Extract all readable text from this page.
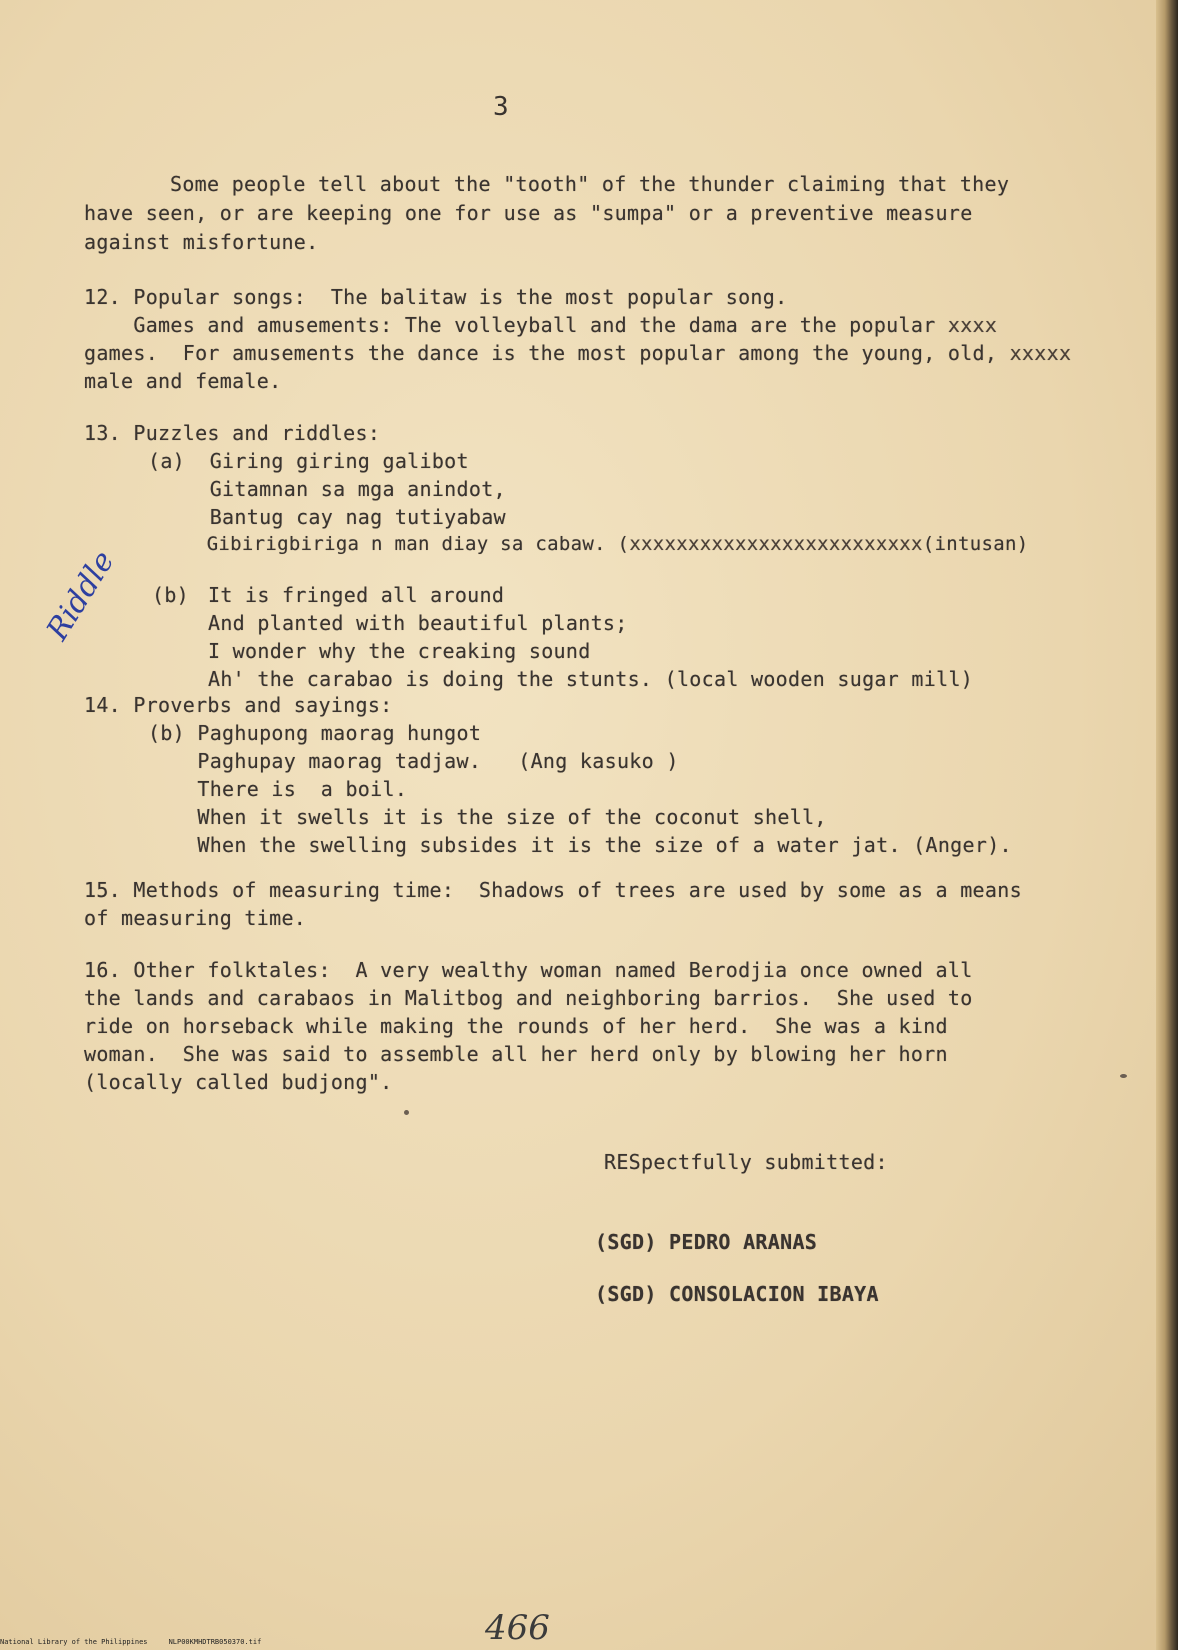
3
Some people tell about the "tooth" of the thunder claiming that they
have seen, or are keeping one for use as "sumpa" or a preventive measure
against misfortune.
12. Popular songs:  The balitaw is the most popular song.
Games and amusements: The volleyball and the dama are the popular xxxx
games.  For amusements the dance is the most popular among the young, old, xxxxx
male and female.
13. Puzzles and riddles:
(a)  Giring giring galibot
Gitamnan sa mga anindot,
Bantug cay nag tutiyabaw
Gibirigbiriga n man diay sa cabaw. (xxxxxxxxxxxxxxxxxxxxxxxxx(intusan)
(b) It is fringed all around
And planted with beautiful plants;
I wonder why the creaking sound
Ah' the carabao is doing the stunts. (local wooden sugar mill)
Riddle
14. Proverbs and sayings:
(b) Paghupong maorag hungot
Paghupay maorag tadjaw.   (Ang kasuko )
There is  a boil.
When it swells it is the size of the coconut shell,
When the swelling subsides it is the size of a water jat. (Anger).
15. Methods of measuring time:  Shadows of trees are used by some as a means
of measuring time.
16. Other folktales:  A very wealthy woman named Berodjia once owned all
the lands and carabaos in Malitbog and neighboring barrios.  She used to
ride on horseback while making the rounds of her herd.  She was a kind
woman.  She was said to assemble all her herd only by blowing her horn
(locally called budjong".
RESpectfully submitted:
(SGD) PEDRO ARANAS
(SGD) CONSOLACION IBAYA
466
National Library of the Philippines     NLP00KMHDTRB050370.tif
